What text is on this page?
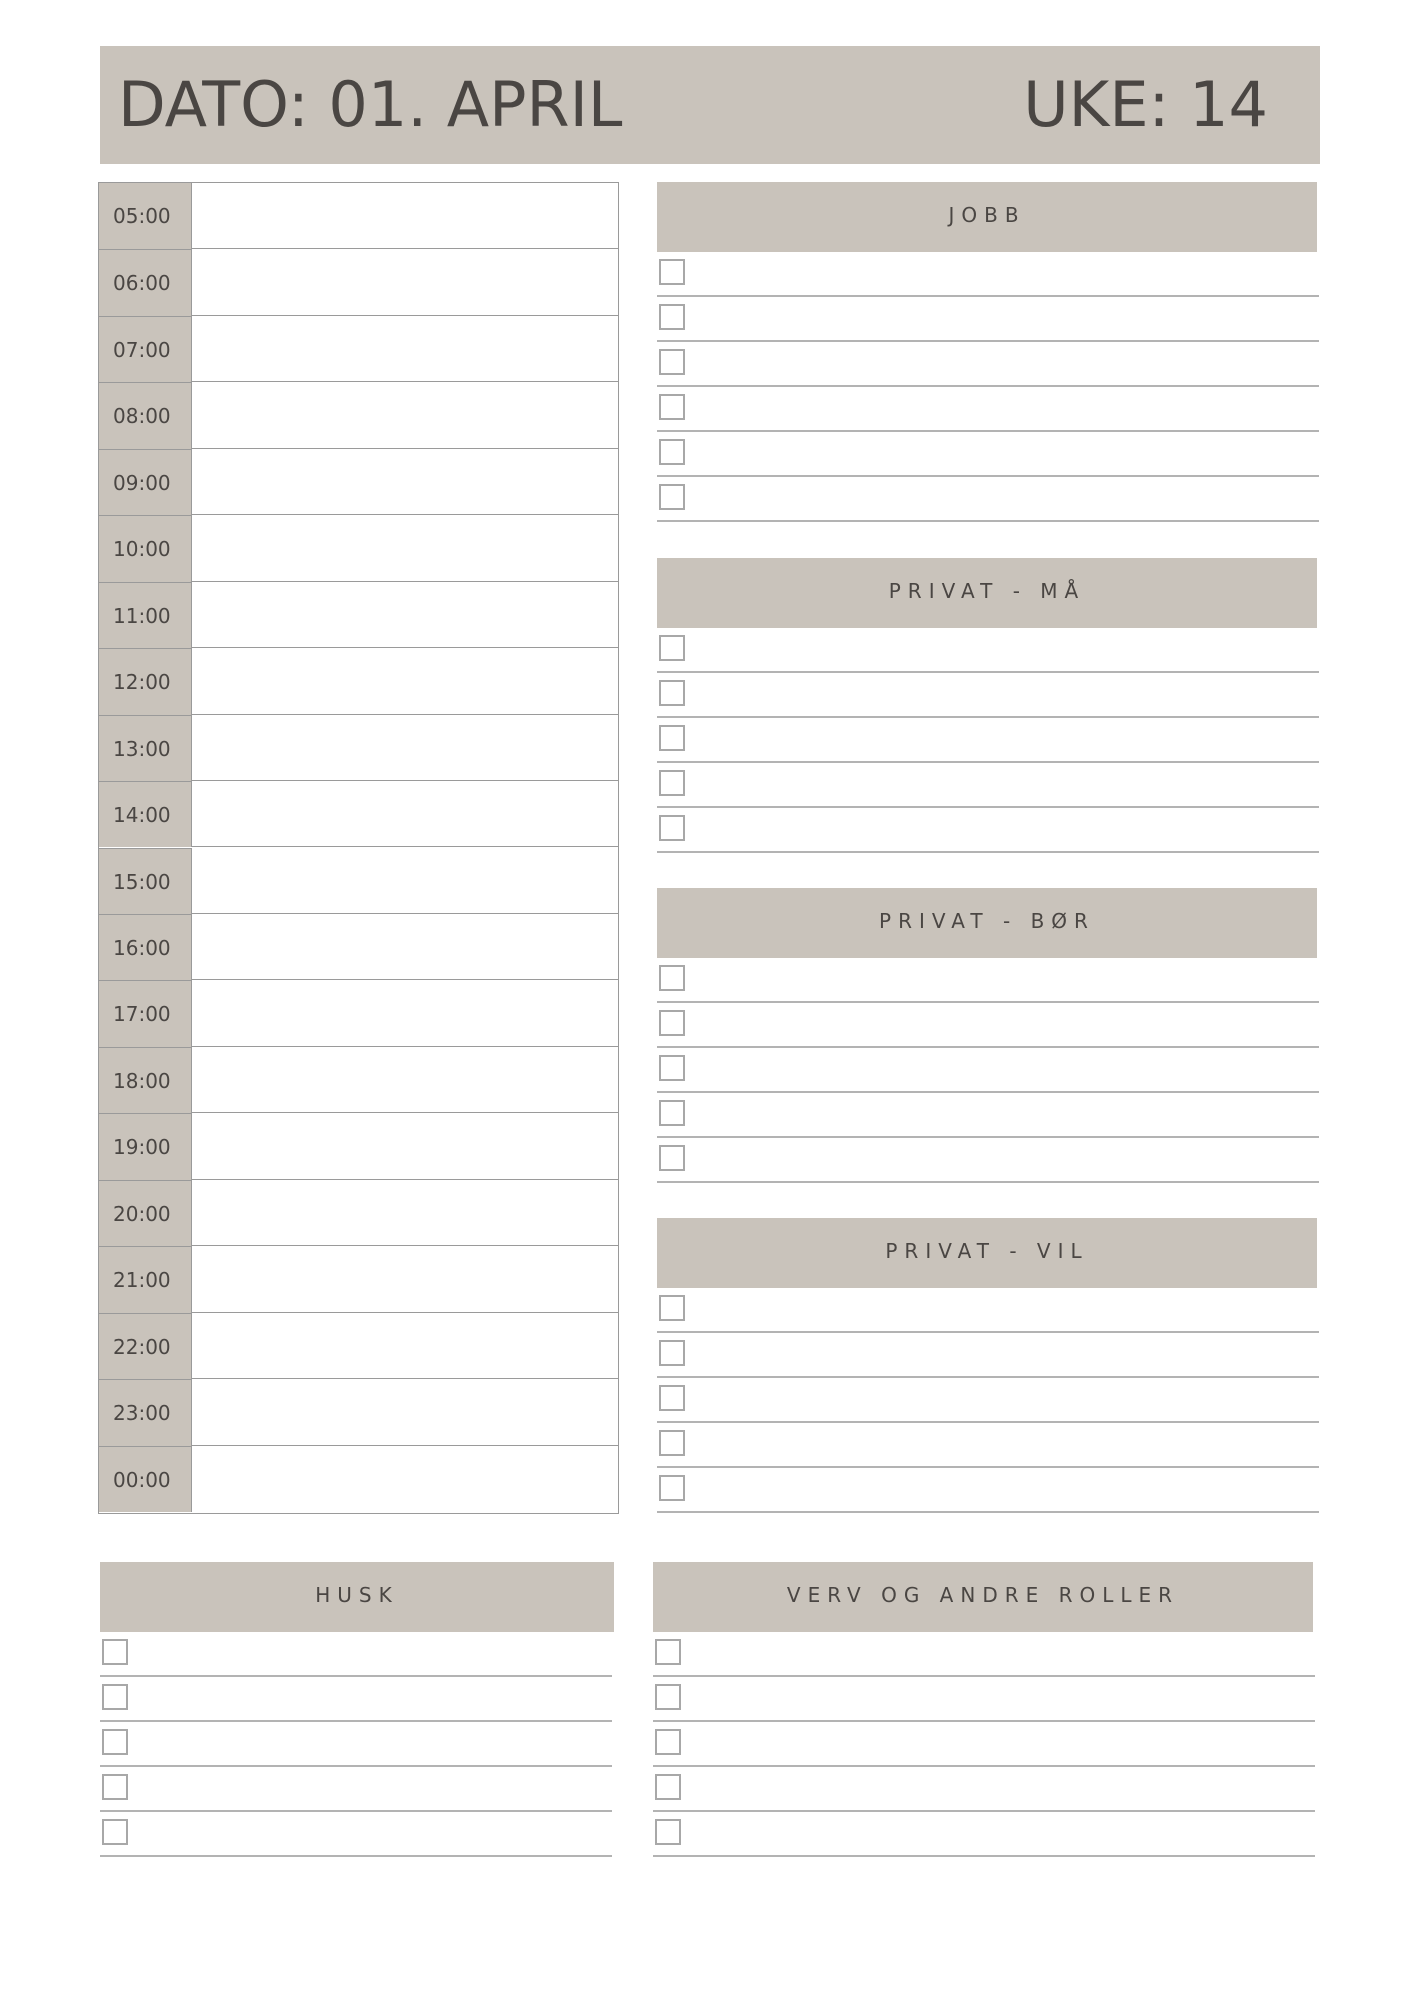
DATO: 01. APRIL	UKE: 14
05:00
06:00
07:00
08:00
09:00
10:00
11:00
12:00
13:00
14:00
15:00
16:00
17:00
18:00
19:00
20:00
21:00
22:00
23:00
00:00
JOBB
PRIVAT - MÅ
PRIVAT - BØR
PRIVAT - VIL
HUSK	VERV OG ANDRE ROLLER
